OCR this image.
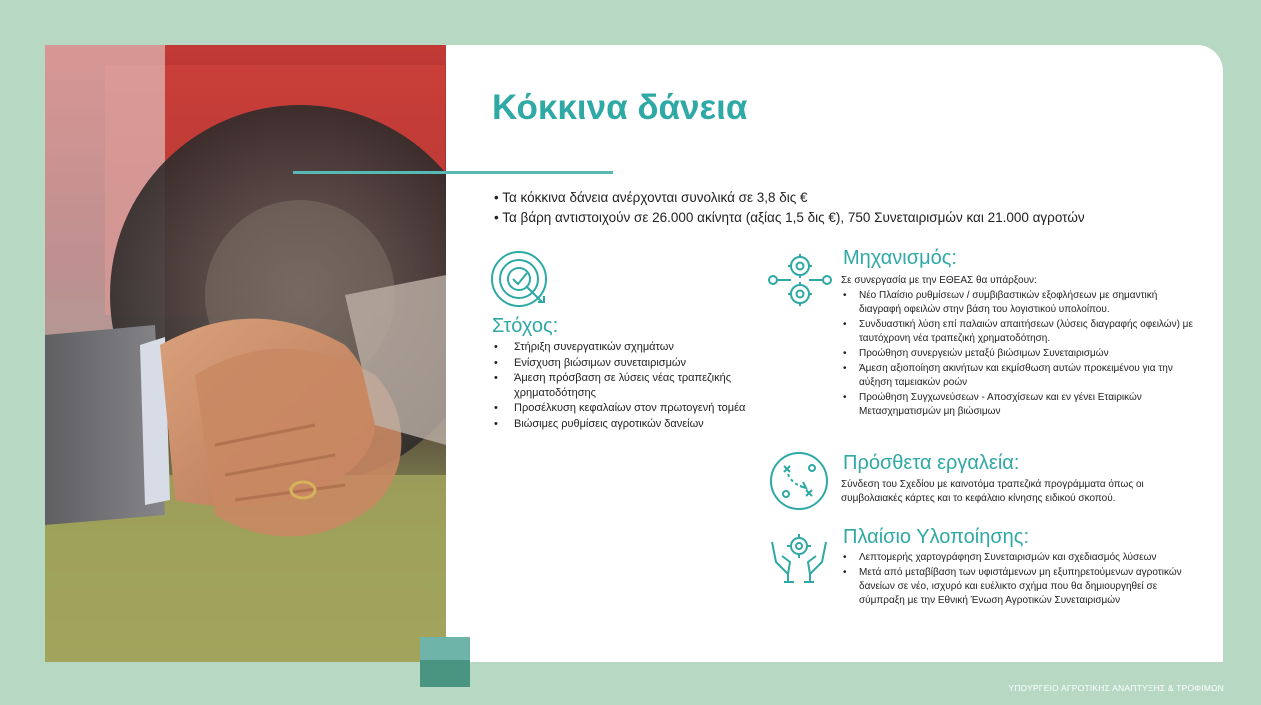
Κόκκινα δάνεια
• Τα κόκκινα δάνεια ανέρχονται συνολικά σε 3,8 δις €
• Τα βάρη αντιστοιχούν σε 26.000 ακίνητα (αξίας 1,5 δις €), 750 Συνεταιρισμών και 21.000 αγροτών
Στόχος:
• Στήριξη συνεργατικών σχημάτων
• Ενίσχυση βιώσιμων συνεταιρισμών
• Άμεση πρόσβαση σε λύσεις νέας τραπεζικής χρηματοδότησης
• Προσέλκυση κεφαλαίων στον πρωτογενή τομέα
• Βιώσιμες ρυθμίσεις αγροτικών δανείων
Μηχανισμός:

Σε συνεργασία με την ΕΘΕΑΣ θα υπάρξουν:

• Νέο Πλαίσιο ρυθμίσεων / συμβιβαστικών εξοφλήσεων με σημαντική διαγραφή οφειλών στην βάση του λογιστικού υπολοίπου.
• Συνδυαστική λύση επί παλαιών απαιτήσεων (λύσεις διαγραφής οφειλών) με ταυτόχρονη νέα τραπεζική χρηματοδότηση.
• Προώθηση συνεργειών μεταξύ βιώσιμων Συνεταιρισμών
• Άμεση αξιοποίηση ακινήτων και εκμίσθωση αυτών προκειμένου για την αύξηση ταμειακών ροών
• Προώθηση Συγχωνεύσεων - Αποσχίσεων και εν γένει Εταιρικών Μετασχηματισμών μη βιώσιμων
Πρόσθετα εργαλεία:

Σύνδεση του Σχεδίου με καινοτόμα τραπεζικά προγράμματα όπως οι συμβολαιακές κάρτες και το κεφάλαιο κίνησης ειδικού σκοπού.

Πλαίσιο Υλοποίησης:
• Λεπτομερής χαρτογράφηση Συνεταιρισμών και σχεδιασμός λύσεων
• Μετά από μεταβίβαση των υφιστάμενων μη εξυπηρετούμενων αγροτικών δανείων σε νέο, ισχυρό και ευέλικτο σχήμα που θα δημιουργηθεί σε σύμπραξη με την Εθνική Ένωση Αγροτικών Συνεταιρισμών
ΥΠΟΥΡΓΕΙΟ ΑΓΡΟΤΙΚΗΣ ΑΝΑΠΤΥΞΗΣ & ΤΡΟΦΙΜΩΝ
